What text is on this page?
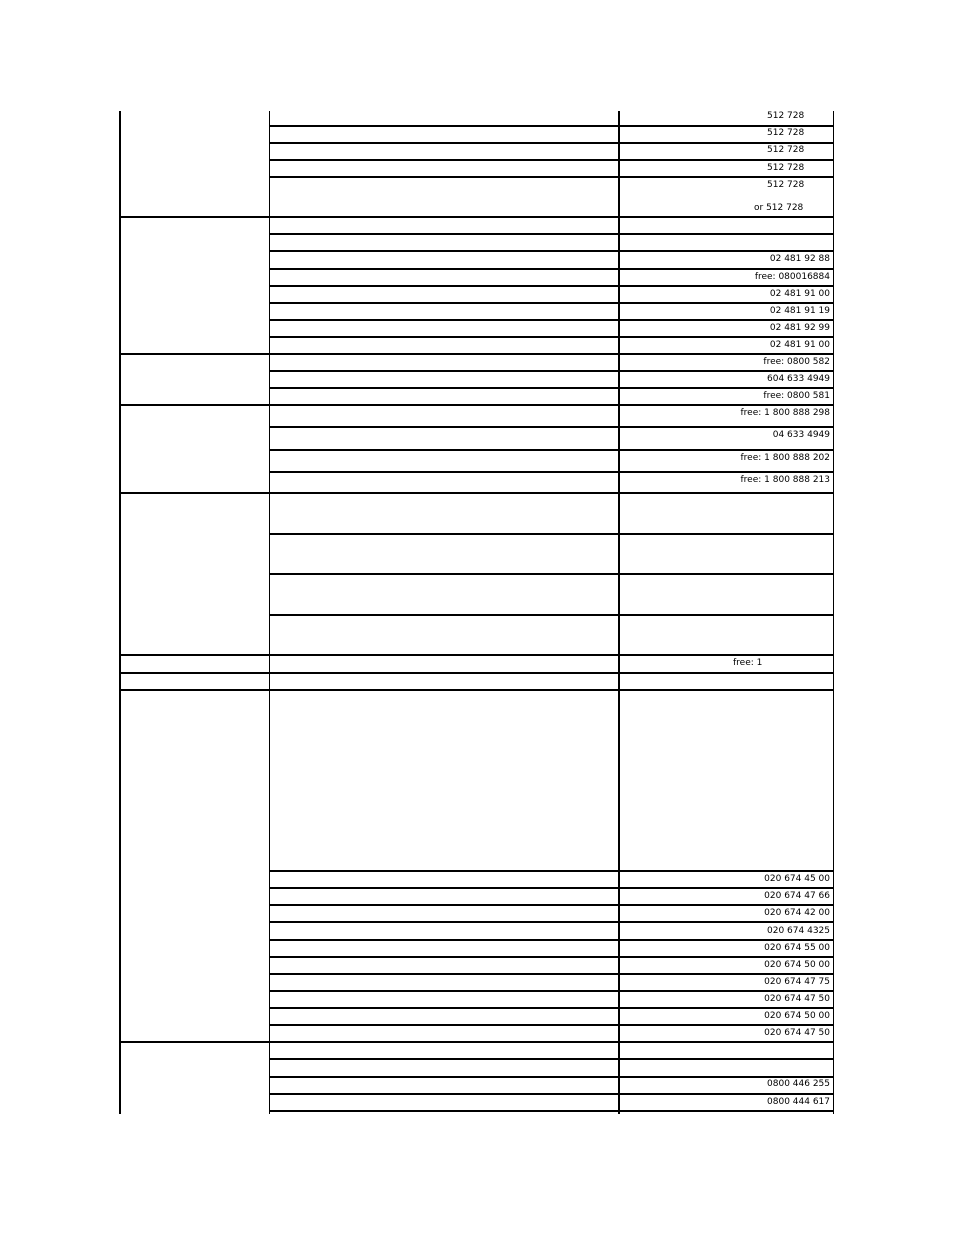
512 728
512 728
512 728
512 728
512 728
or 512 728
02 481 92 88
free: 080016884
02 481 91 00
02 481 91 19
02 481 92 99
02 481 91 00
free: 0800 582
604 633 4949
free: 0800 581
free: 1 800 888 298
04 633 4949
free: 1 800 888 202
free: 1 800 888 213
free: 1
020 674 45 00
020 674 47 66
020 674 42 00
020 674 4325
020 674 55 00
020 674 50 00
020 674 47 75
020 674 47 50
020 674 50 00
020 674 47 50
0800 446 255
0800 444 617
